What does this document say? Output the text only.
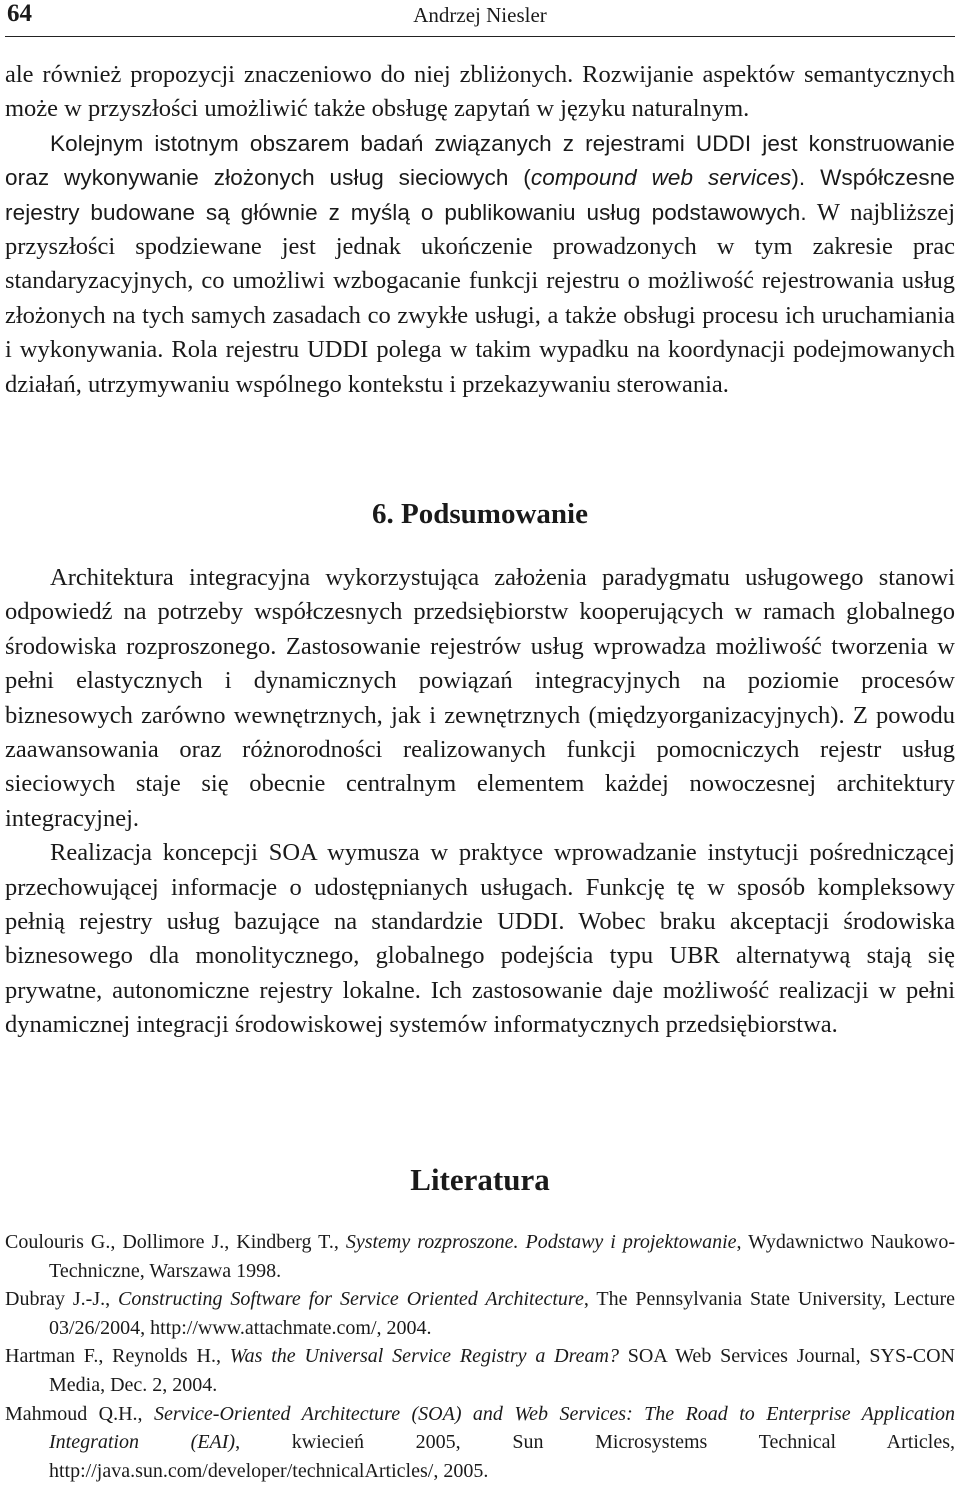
64	Andrzej Niesler

ale również propozycji znaczeniowo do niej zbliżonych. Rozwijanie aspektów semantycznych może w przyszłości umożliwić także obsługę zapytań w języku naturalnym.

Kolejnym istotnym obszarem badań związanych z rejestrami UDDI jest konstruowanie oraz wykonywanie złożonych usług sieciowych (compound web services). Współczesne rejestry budowane są głównie z myślą o publikowaniu usług podstawowych. W najbliższej przyszłości spodziewane jest jednak ukończenie prowadzonych w tym zakresie prac standaryzacyjnych, co umożliwi wzbogacanie funkcji rejestru o możliwość rejestrowania usług złożonych na tych samych zasadach co zwykłe usługi, a także obsługi procesu ich uruchamiania i wykonywania. Rola rejestru UDDI polega w takim wypadku na koordynacji podejmowanych działań, utrzymywaniu wspólnego kontekstu i przekazywaniu sterowania.

6. Podsumowanie

Architektura integracyjna wykorzystująca założenia paradygmatu usługowego stanowi odpowiedź na potrzeby współczesnych przedsiębiorstw kooperujących w ramach globalnego środowiska rozproszonego. Zastosowanie rejestrów usług wprowadza możliwość tworzenia w pełni elastycznych i dynamicznych powiązań integracyjnych na poziomie procesów biznesowych zarówno wewnętrznych, jak i zewnętrznych (międzyorganizacyjnych). Z powodu zaawansowania oraz różnorodności realizowanych funkcji pomocniczych rejestr usług sieciowych staje się obecnie centralnym elementem każdej nowoczesnej architektury integracyjnej.

Realizacja koncepcji SOA wymusza w praktyce wprowadzanie instytucji pośredniczącej przechowującej informacje o udostępnianych usługach. Funkcję tę w sposób kompleksowy pełnią rejestry usług bazujące na standardzie UDDI. Wobec braku akceptacji środowiska biznesowego dla monolitycznego, globalnego podejścia typu UBR alternatywą stają się prywatne, autonomiczne rejestry lokalne. Ich zastosowanie daje możliwość realizacji w pełni dynamicznej integracji środowiskowej systemów informatycznych przedsiębiorstwa.

Literatura

Coulouris G., Dollimore J., Kindberg T., Systemy rozproszone. Podstawy i projektowanie, Wydawnictwo Naukowo-Techniczne, Warszawa 1998.

Dubray J.-J., Constructing Software for Service Oriented Architecture, The Pennsylvania State University, Lecture 03/26/2004, http://www.attachmate.com/, 2004.

Hartman F., Reynolds H., Was the Universal Service Registry a Dream? SOA Web Services Journal, SYS-CON Media, Dec. 2, 2004.

Mahmoud Q.H., Service-Oriented Architecture (SOA) and Web Services: The Road to Enterprise Application Integration (EAI), kwiecień 2005, Sun Microsystems Technical Articles, http://java.sun.com/developer/technicalArticles/, 2005.
